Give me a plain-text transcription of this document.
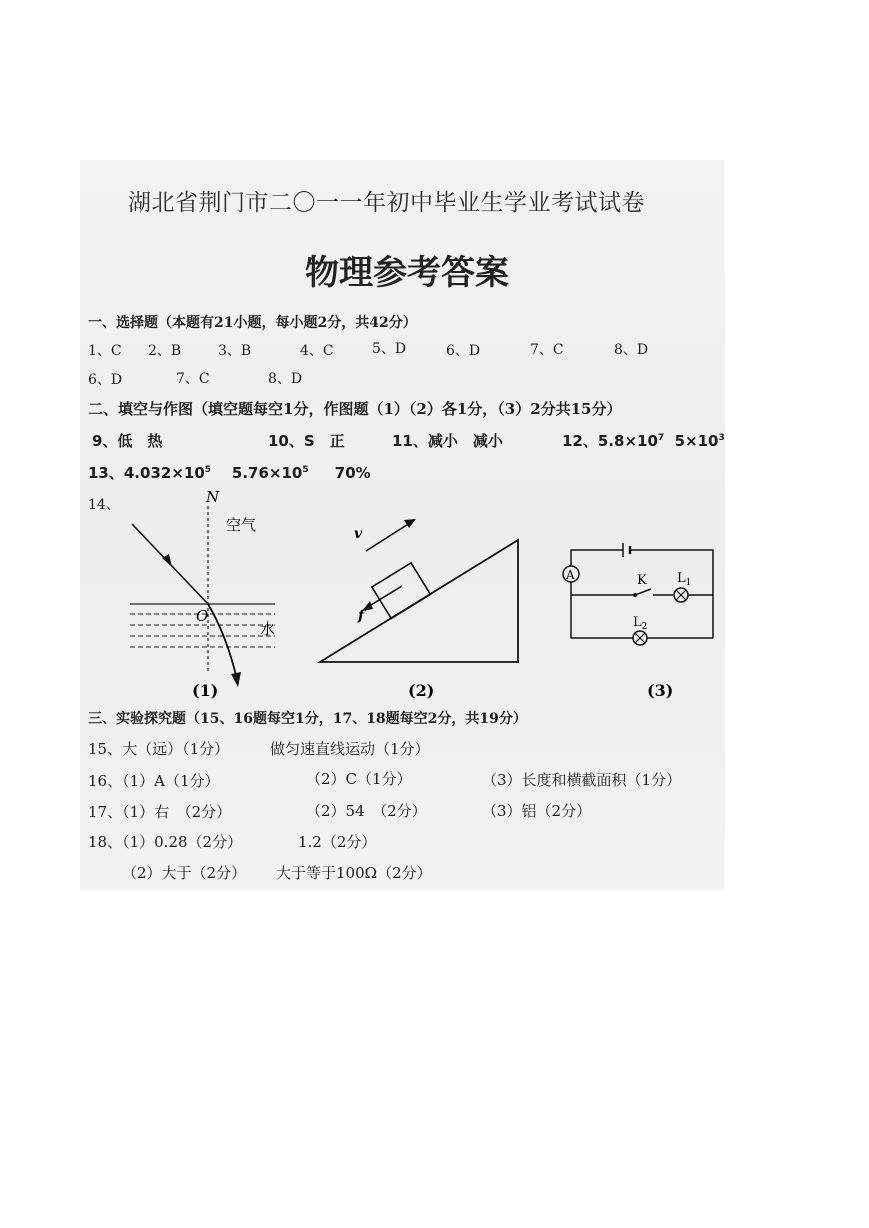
湖北省荆门市二〇一一年初中毕业生学业考试试卷
物理参考答案
一、选择题（本题有21小题，每小题2分，共42分）
1、C 2、B	3、B	4、C	5、D	6、D	7、C	8、D
6、D	7、C	8、D
二、填空与作图（填空题每空1分，作图题（1）（2）各1分，（3）2分共15分）
9、低　热	10、S　正	11、减小　减小	12、$5.8\times 10^7$ $5\times 10^3$
13、$4.032\times 10^5$ $5.76\times 10^5$ 70%
14、	N
空气
O
水
(1)
v
f
(2)
A	K $L_1$
$L_2$
(3)
三、实验探究题（15、16题每空1分，17、18题每空2分，共19分）
15、大（远）（1分）	做匀速直线运动（1分）
16、（1）A（1分）	（2）C（1分）	（3）长度和横截面积（1分）
17、（1）右　（2分）	（2）54　（2分）	（3）铝（2分）
18、（1）0.28（2分）	1.2（2分）
（2）大于（2分） 大于等于100Ω（2分）
